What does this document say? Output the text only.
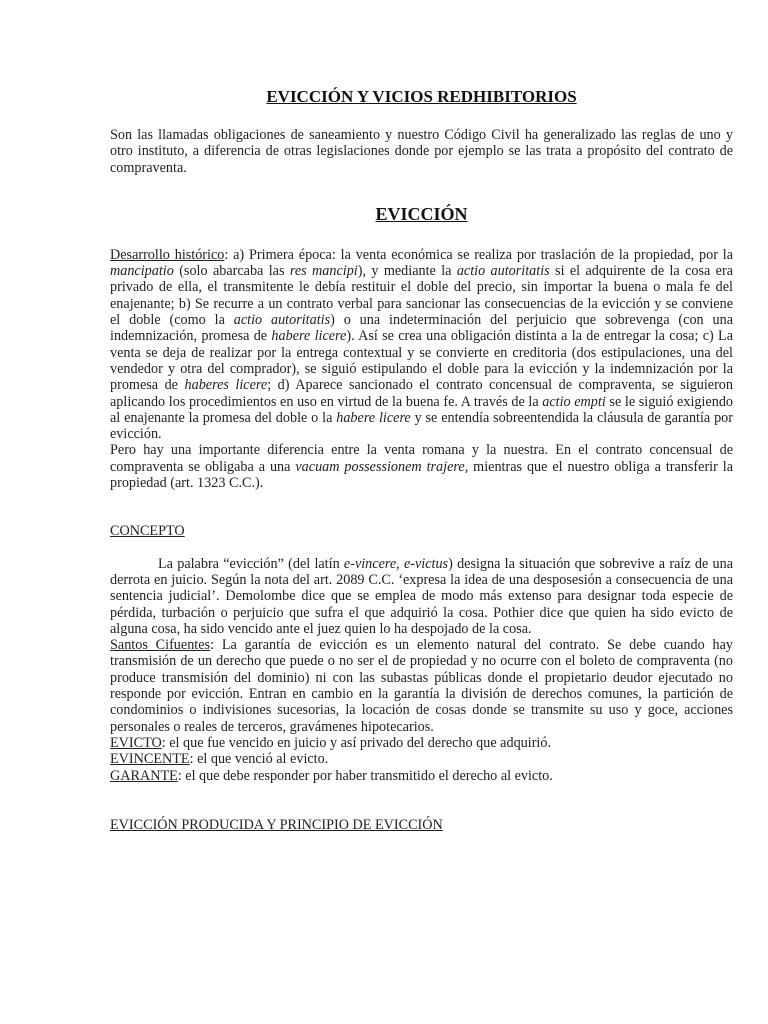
EVICCIÓN Y VICIOS REDHIBITORIOS

Son las llamadas obligaciones de saneamiento y nuestro Código Civil ha generalizado las reglas de uno y otro instituto, a diferencia de otras legislaciones donde por ejemplo se las trata a propósito del contrato de compraventa.

EVICCIÓN

Desarrollo histórico: a) Primera época: la venta económica se realiza por traslación de la propiedad, por la mancipatio (solo abarcaba las res mancipi), y mediante la actio autoritatis si el adquirente de la cosa era privado de ella, el transmitente le debía restituir el doble del precio, sin importar la buena o mala fe del enajenante; b) Se recurre a un contrato verbal para sancionar las consecuencias de la evicción y se conviene el doble (como la actio autoritatis) o una indeterminación del perjuicio que sobrevenga (con una indemnización, promesa de habere licere). Así se crea una obligación distinta a la de entregar la cosa; c) La venta se deja de realizar por la entrega contextual y se convierte en creditoria (dos estipulaciones, una del vendedor y otra del comprador), se siguió estipulando el doble para la evicción y la indemnización por la promesa de haberes licere; d) Aparece sancionado el contrato concensual de compraventa, se siguieron aplicando los procedimientos en uso en virtud de la buena fe. A través de la actio empti se le siguió exigiendo al enajenante la promesa del doble o la habere licere y se entendía sobreentendida la cláusula de garantía por evicción.

Pero hay una importante diferencia entre la venta romana y la nuestra. En el contrato concensual de compraventa se obligaba a una vacuam possessionem trajere, mientras que el nuestro obliga a transferir la propiedad (art. 1323 C.C.).

CONCEPTO

La palabra “evicción” (del latín e-vincere, e-victus) designa la situación que sobrevive a raíz de una derrota en juicio. Según la nota del art. 2089 C.C. ‘expresa la idea de una desposesión a consecuencia de una sentencia judicial’. Demolombe dice que se emplea de modo más extenso para designar toda especie de pérdida, turbación o perjuicio que sufra el que adquirió la cosa. Pothier dice que quien ha sido evicto de alguna cosa, ha sido vencido ante el juez quien lo ha despojado de la cosa.

Santos Cifuentes: La garantía de evicción es un elemento natural del contrato. Se debe cuando hay transmisión de un derecho que puede o no ser el de propiedad y no ocurre con el boleto de compraventa (no produce transmisión del dominio) ni con las subastas públicas donde el propietario deudor ejecutado no responde por evicción. Entran en cambio en la garantía la división de derechos comunes, la partición de condominios o indivisiones sucesorias, la locación de cosas donde se transmite su uso y goce, acciones personales o reales de terceros, gravámenes hipotecarios.

EVICTO: el que fue vencido en juicio y así privado del derecho que adquirió.

EVINCENTE: el que venció al evicto.

GARANTE: el que debe responder por haber transmitido el derecho al evicto.

EVICCIÓN PRODUCIDA Y PRINCIPIO DE EVICCIÓN
